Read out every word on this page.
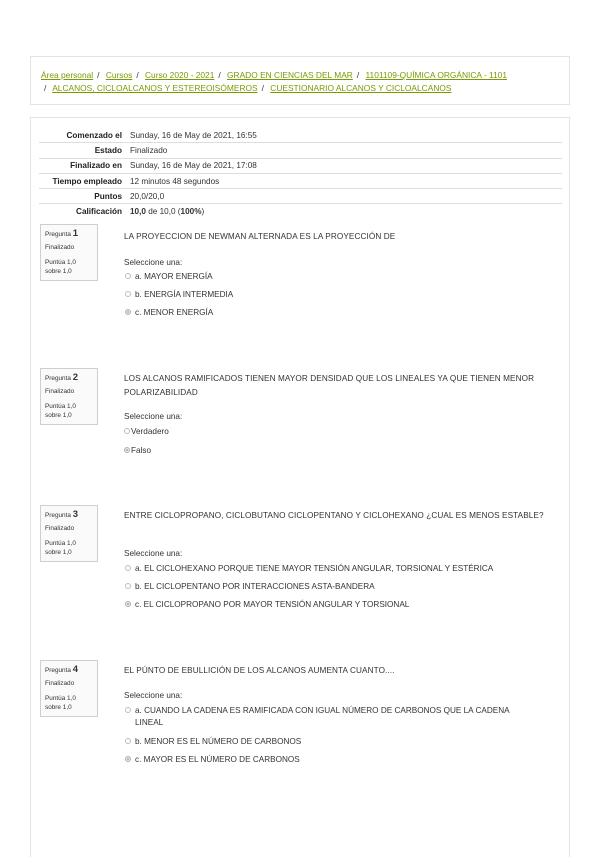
Área personal / Cursos / Curso 2020 - 2021 / GRADO EN CIENCIAS DEL MAR / 1101109-QUÍMICA ORGÁNICA - 1101
/ ALCANOS, CICLOALCANOS Y ESTEREOISÓMEROS / CUESTIONARIO ALCANOS Y CICLOALCANOS
Comenzado el	Sunday, 16 de May de 2021, 16:55
Estado	Finalizado
Finalizado en	Sunday, 16 de May de 2021, 17:08
Tiempo empleado	12 minutos 48 segundos
Puntos	20,0/20,0
Calificación	10,0 de 10,0 (100%)
Pregunta 1
Finalizado
Puntúa 1,0
sobre 1,0
LA PROYECCION DE NEWMAN ALTERNADA ES LA PROYECCIÓN DE
Seleccione una:
a. MAYOR ENERGÍA
b. ENERGÍA INTERMEDIA
c. MENOR ENERGÍA
Pregunta 2
Finalizado
Puntúa 1,0
sobre 1,0
LOS ALCANOS RAMIFICADOS TIENEN MAYOR DENSIDAD QUE LOS LINEALES YA QUE TIENEN MENOR POLARIZABILIDAD
Seleccione una:
Verdadero
Falso
Pregunta 3
Finalizado
Puntúa 1,0
sobre 1,0
ENTRE CICLOPROPANO, CICLOBUTANO CICLOPENTANO Y CICLOHEXANO ¿CUAL ES MENOS ESTABLE?
Seleccione una:
a. EL CICLOHEXANO PORQUE TIENE MAYOR TENSIÓN ANGULAR, TORSIONAL Y ESTÉRICA
b. EL CICLOPENTANO POR INTERACCIONES ASTA-BANDERA
c. EL CICLOPROPANO POR MAYOR TENSIÓN ANGULAR Y TORSIONAL
Pregunta 4
Finalizado
Puntúa 1,0
sobre 1,0
EL PÚNTO DE EBULLICIÓN DE LOS ALCANOS AUMENTA CUANTO....
Seleccione una:
a. CUANDO LA CADENA ES RAMIFICADA CON IGUAL NÚMERO DE CARBONOS QUE LA CADENA LINEAL
b. MENOR ES EL NÚMERO DE CARBONOS
c. MAYOR ES EL NÚMERO DE CARBONOS
